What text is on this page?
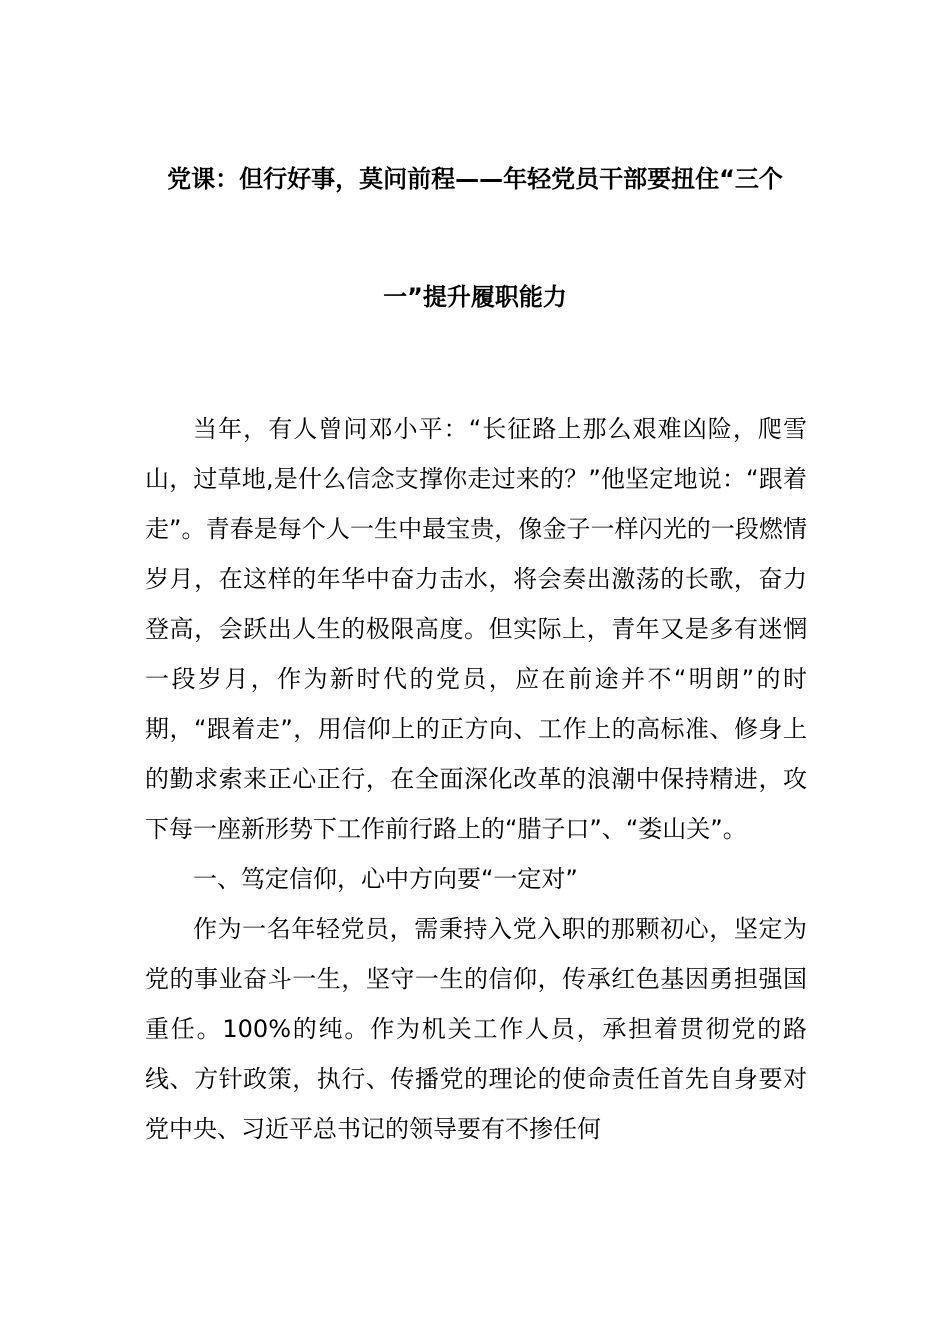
党课：但行好事，莫问前程——年轻党员干部要扭住“三个
一”提升履职能力

当年，有人曾问邓小平：“长征路上那么艰难凶险，爬雪山，过草地,是什么信念支撑你走过来的？”他坚定地说：“跟着走”。青春是每个人一生中最宝贵，像金子一样闪光的一段燃情岁月，在这样的年华中奋力击水，将会奏出激荡的长歌，奋力登高，会跃出人生的极限高度。但实际上，青年又是多有迷惘一段岁月，作为新时代的党员，应在前途并不“明朗”的时期，“跟着走”，用信仰上的正方向、工作上的高标准、修身上的勤求索来正心正行，在全面深化改革的浪潮中保持精进，攻下每一座新形势下工作前行路上的“腊子口”、“娄山关”。

一、笃定信仰，心中方向要“一定对”

作为一名年轻党员，需秉持入党入职的那颗初心，坚定为党的事业奋斗一生，坚守一生的信仰，传承红色基因勇担强国重任。100%的纯。作为机关工作人员，承担着贯彻党的路线、方针政策，执行、传播党的理论的使命责任首先自身要对党中央、习近平总书记的领导要有不掺任何
